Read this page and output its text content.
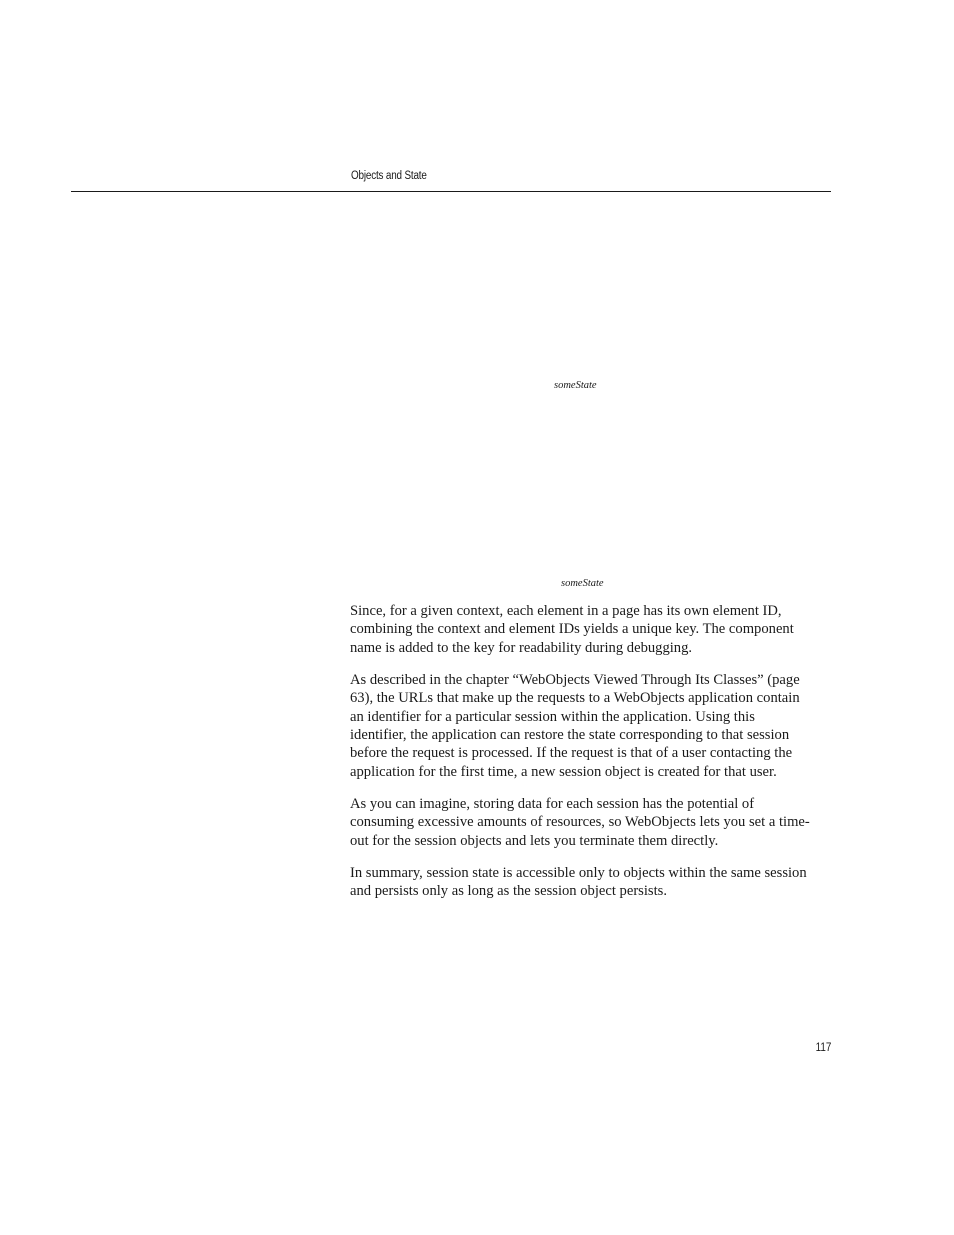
Objects and State
someState
someState

Since, for a given context, each element in a page has its own element ID, combining the context and element IDs yields a unique key. The component name is added to the key for readability during debugging.

As described in the chapter “WebObjects Viewed Through Its Classes” (page 63), the URLs that make up the requests to a WebObjects application contain an identifier for a particular session within the application. Using this identifier, the application can restore the state corresponding to that session before the request is processed. If the request is that of a user contacting the application for the first time, a new session object is created for that user.

As you can imagine, storing data for each session has the potential of consuming excessive amounts of resources, so WebObjects lets you set a time-out for the session objects and lets you terminate them directly.

In summary, session state is accessible only to objects within the same session and persists only as long as the session object persists.

117
